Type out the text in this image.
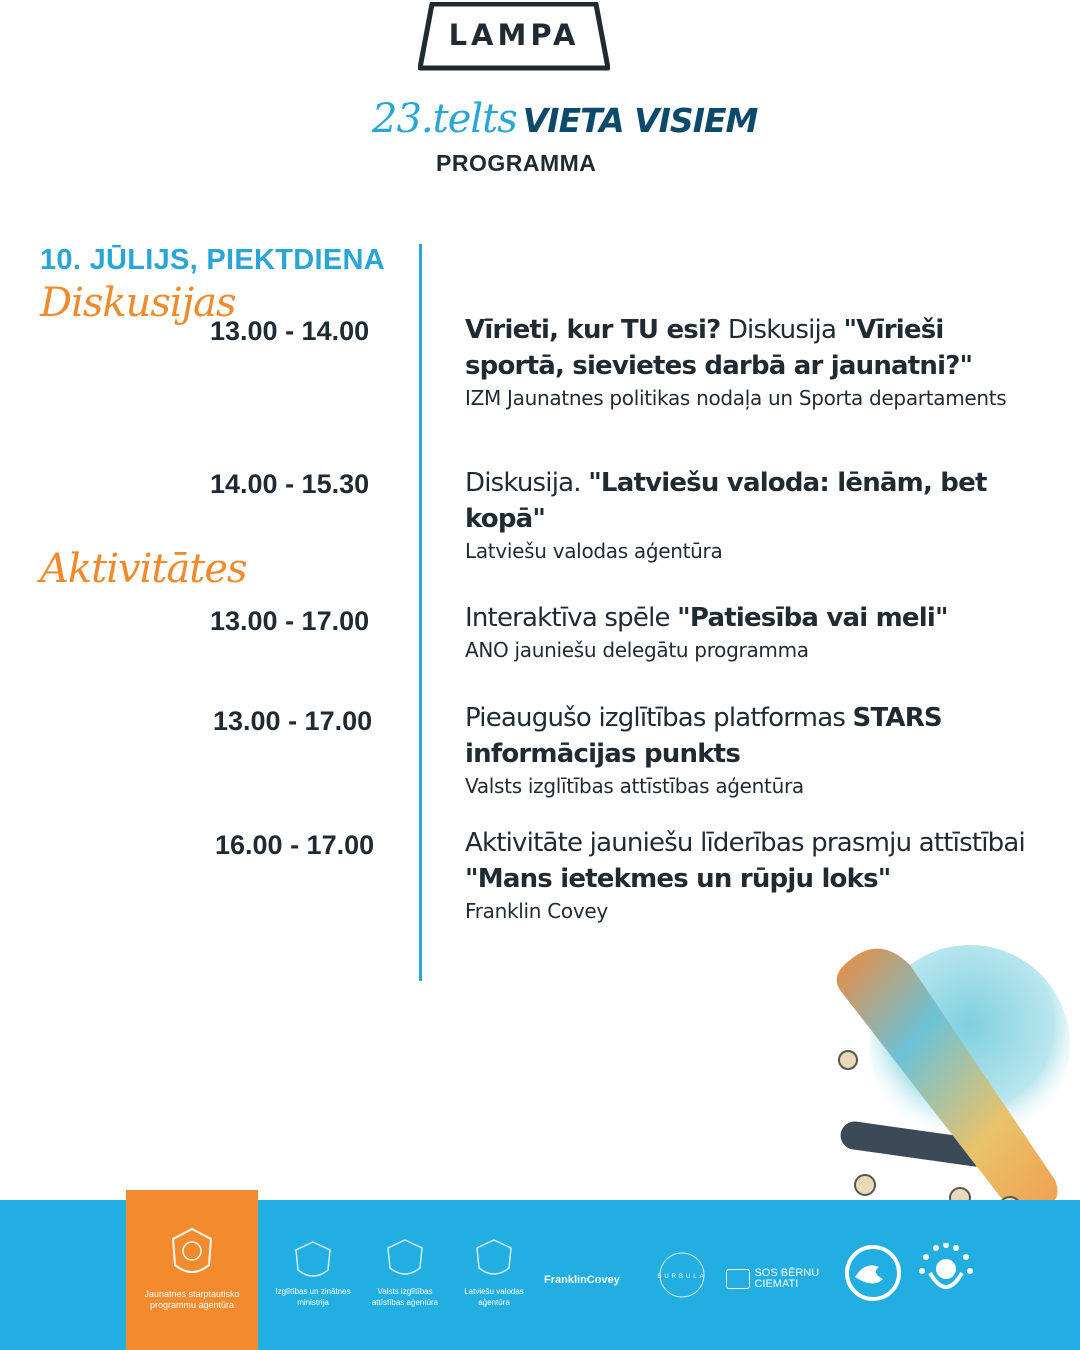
LAMPA
23.telts VIETA VISIEM
PROGRAMMA
10. JŪLIJS, PIEKTDIENA
Diskusijas
Aktivitātes
13.00 - 14.00	Vīrieti, kur TU esi? Diskusija "Vīrieši sportā, sievietes darbā ar jaunatni?"
IZM Jaunatnes politikas nodaļa un Sporta departaments
14.00 - 15.30	Diskusija. "Latviešu valoda: lēnām, bet kopā"
Latviešu valodas aģentūra
13.00 - 17.00	Interaktīva spēle "Patiesība vai meli"
ANO jauniešu delegātu programma
13.00 - 17.00	Pieaugušo izglītības platformas STARS informācijas punkts
Valsts izglītības attīstības aģentūra
16.00 - 17.00	Aktivitāte jauniešu līderības prasmju attīstībai
"Mans ietekmes un rūpju loks"
Franklin Covey
Jaunatnes starptautisko programmu aģentūra
Izglītības un zinātnes ministrija
Valsts izglītības attīstības aģentūra
Latviešu valodas aģentūra
FranklinCovey	BURBULA	SOS BĒRNU CIEMATI
